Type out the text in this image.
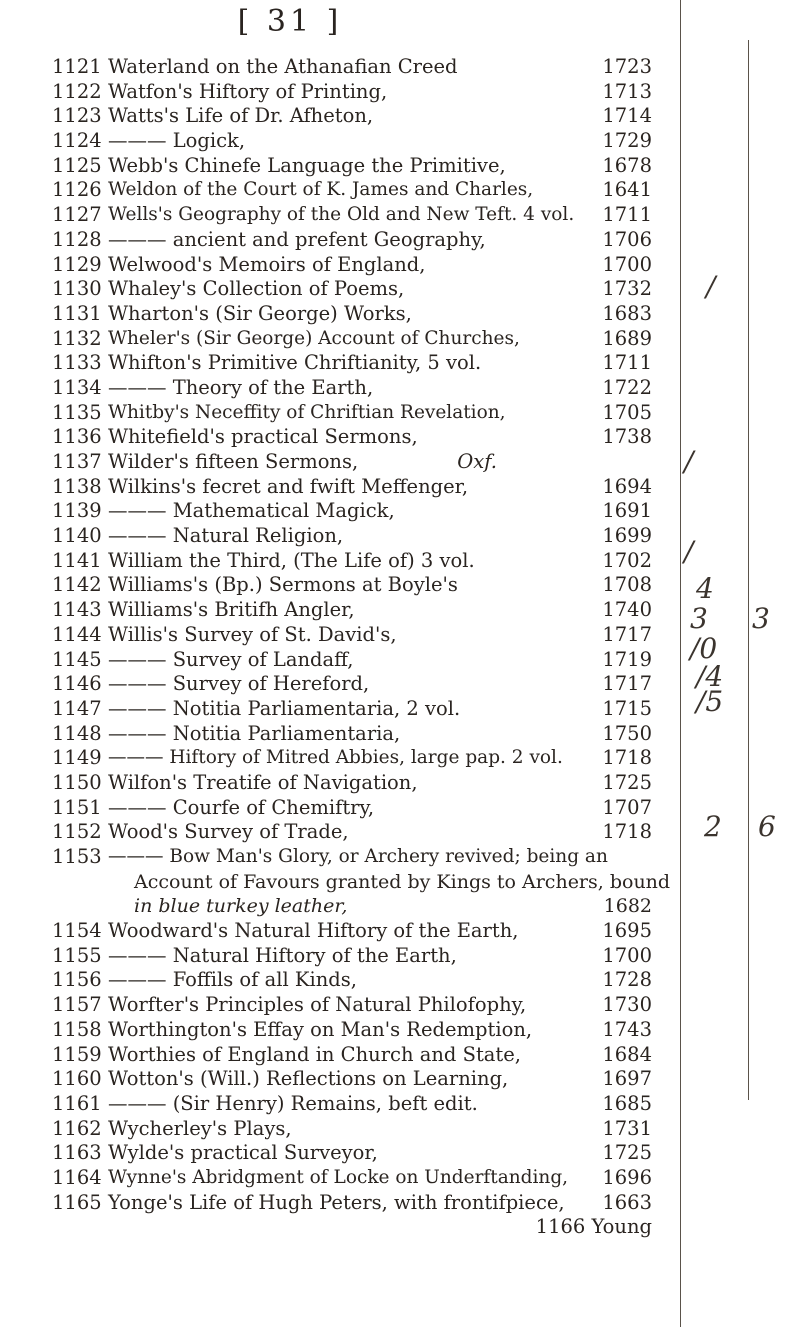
[ 31 ]
1121 Waterland on the Athanafian Creed	1723
1122 Watfon's Hiftory of Printing,	1713
1123 Watts's Life of Dr. Afheton,	1714
1124 ——— Logick,	1729
1125 Webb's Chinefe Language the Primitive,	1678
1126 Weldon of the Court of K. James and Charles,	1641
1127 Wells's Geography of the Old and New Teft. 4 vol. 1711
1128 ——— ancient and prefent Geography,	1706
1129 Welwood's Memoirs of England,	1700
1130 Whaley's Collection of Poems,	1732
1131 Wharton's (Sir George) Works,	1683
1132 Wheler's (Sir George) Account of Churches,	1689
1133 Whifton's Primitive Chriftianity, 5 vol.	1711
1134 ——— Theory of the Earth,	1722
1135 Whitby's Neceffity of Chriftian Revelation,	1705
1136 Whitefield's practical Sermons,	1738
1137 Wilder's fifteen Sermons,	Oxf.
1138 Wilkins's fecret and fwift Meffenger,	1694
1139 ——— Mathematical Magick,	1691
1140 ——— Natural Religion,	1699
1141 William the Third, (The Life of) 3 vol.	1702
1142 Williams's (Bp.) Sermons at Boyle's	1708
1143 Williams's Britifh Angler,	1740
1144 Willis's Survey of St. David's,	1717
1145 ——— Survey of Landaff,	1719
1146 ——— Survey of Hereford,	1717
1147 ——— Notitia Parliamentaria, 2 vol.	1715
1148 ——— Notitia Parliamentaria,	1750
1149 ——— Hiftory of Mitred Abbies, large pap. 2 vol. 1718
1150 Wilfon's Treatife of Navigation,	1725
1151 ——— Courfe of Chemiftry,	1707
1152 Wood's Survey of Trade,	1718
1153 ——— Bow Man's Glory, or Archery revived; being an
Account of Favours granted by Kings to Archers, bound
in blue turkey leather,	1682
1154 Woodward's Natural Hiftory of the Earth,	1695
1155 ——— Natural Hiftory of the Earth,	1700
1156 ——— Foffils of all Kinds,	1728
1157 Worfter's Principles of Natural Philofophy,	1730
1158 Worthington's Effay on Man's Redemption,	1743
1159 Worthies of England in Church and State,	1684
1160 Wotton's (Will.) Reflections on Learning,	1697
1161 ——— (Sir Henry) Remains, beft edit.	1685
1162 Wycherley's Plays,	1731
1163 Wylde's practical Surveyor,	1725
1164 Wynne's Abridgment of Locke on Underftanding, 1696
1165 Yonge's Life of Hugh Peters, with frontifpiece, 1663
1166 Young
/
/
/
4
3 3
/0
/4
/5
2 6
